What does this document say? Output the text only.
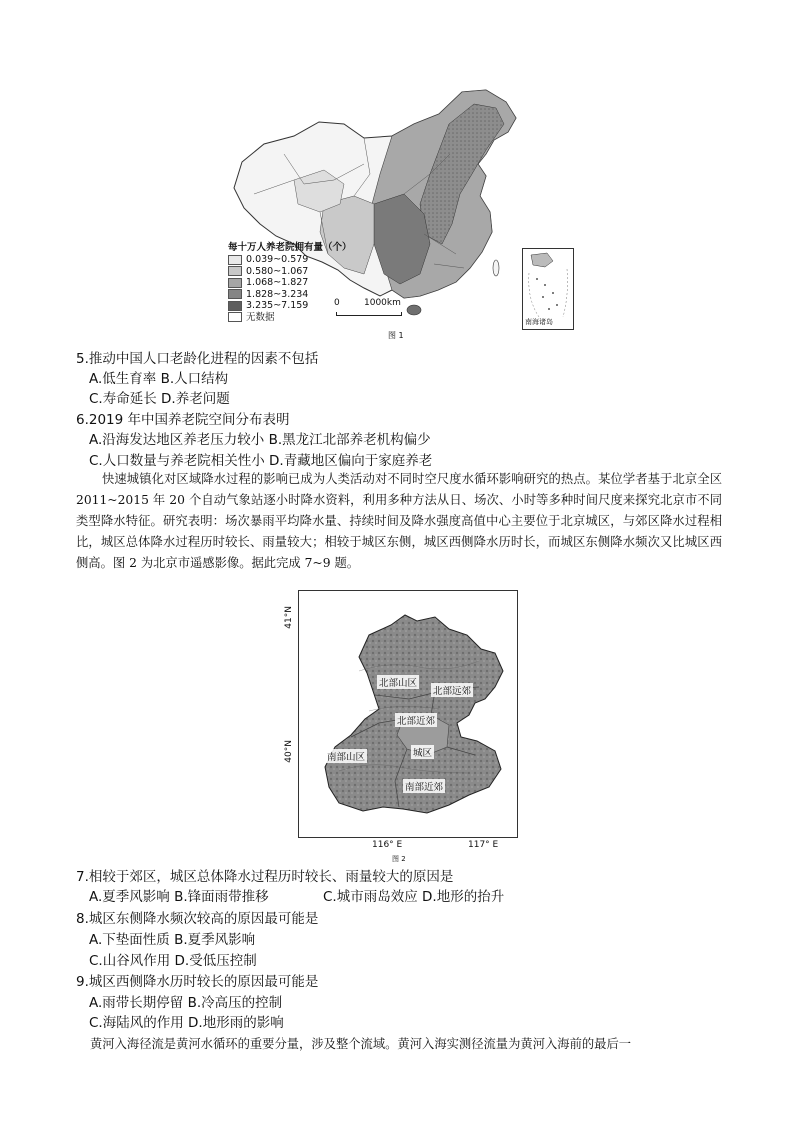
每十万人养老院拥有量（个）
0.039~0.579
0.580~1.067
1.068~1.827
1.828~3.234
3.235~7.159
无数据
0	1000km
南海诸岛
图 1
5.推动中国人口老龄化进程的因素不包括
A.低生育率 B.人口结构
C.寿命延长 D.养老问题
6.2019 年中国养老院空间分布表明
A.沿海发达地区养老压力较小 B.黑龙江北部养老机构偏少
C.人口数量与养老院相关性小 D.青藏地区偏向于家庭养老
快速城镇化对区域降水过程的影响已成为人类活动对不同时空尺度水循环影响研究的热点。某位学者基于北京全区 2011~2015 年 20 个自动气象站逐小时降水资料，利用多种方法从日、场次、小时等多种时间尺度来探究北京市不同类型降水特征。研究表明：场次暴雨平均降水量、持续时间及降水强度高值中心主要位于北京城区，与郊区降水过程相比，城区总体降水过程历时较长、雨量较大；相较于城区东侧，城区西侧降水历时长，而城区东侧降水频次又比城区西侧高。图 2 为北京市遥感影像。据此完成 7~9 题。
41°N
40°N
北部山区
北部远郊
北部近郊
南部山区	城区
南部近郊
116° E	117° E
图 2
7.相较于郊区，城区总体降水过程历时较长、雨量较大的原因是
A.夏季风影响 B.锋面雨带推移	C.城市雨岛效应 D.地形的抬升
8.城区东侧降水频次较高的原因最可能是
A.下垫面性质 B.夏季风影响
C.山谷风作用 D.受低压控制
9.城区西侧降水历时较长的原因最可能是
A.雨带长期停留 B.冷高压的控制
C.海陆风的作用 D.地形雨的影响
黄河入海径流是黄河水循环的重要分量，涉及整个流域。黄河入海实测径流量为黄河入海前的最后一
